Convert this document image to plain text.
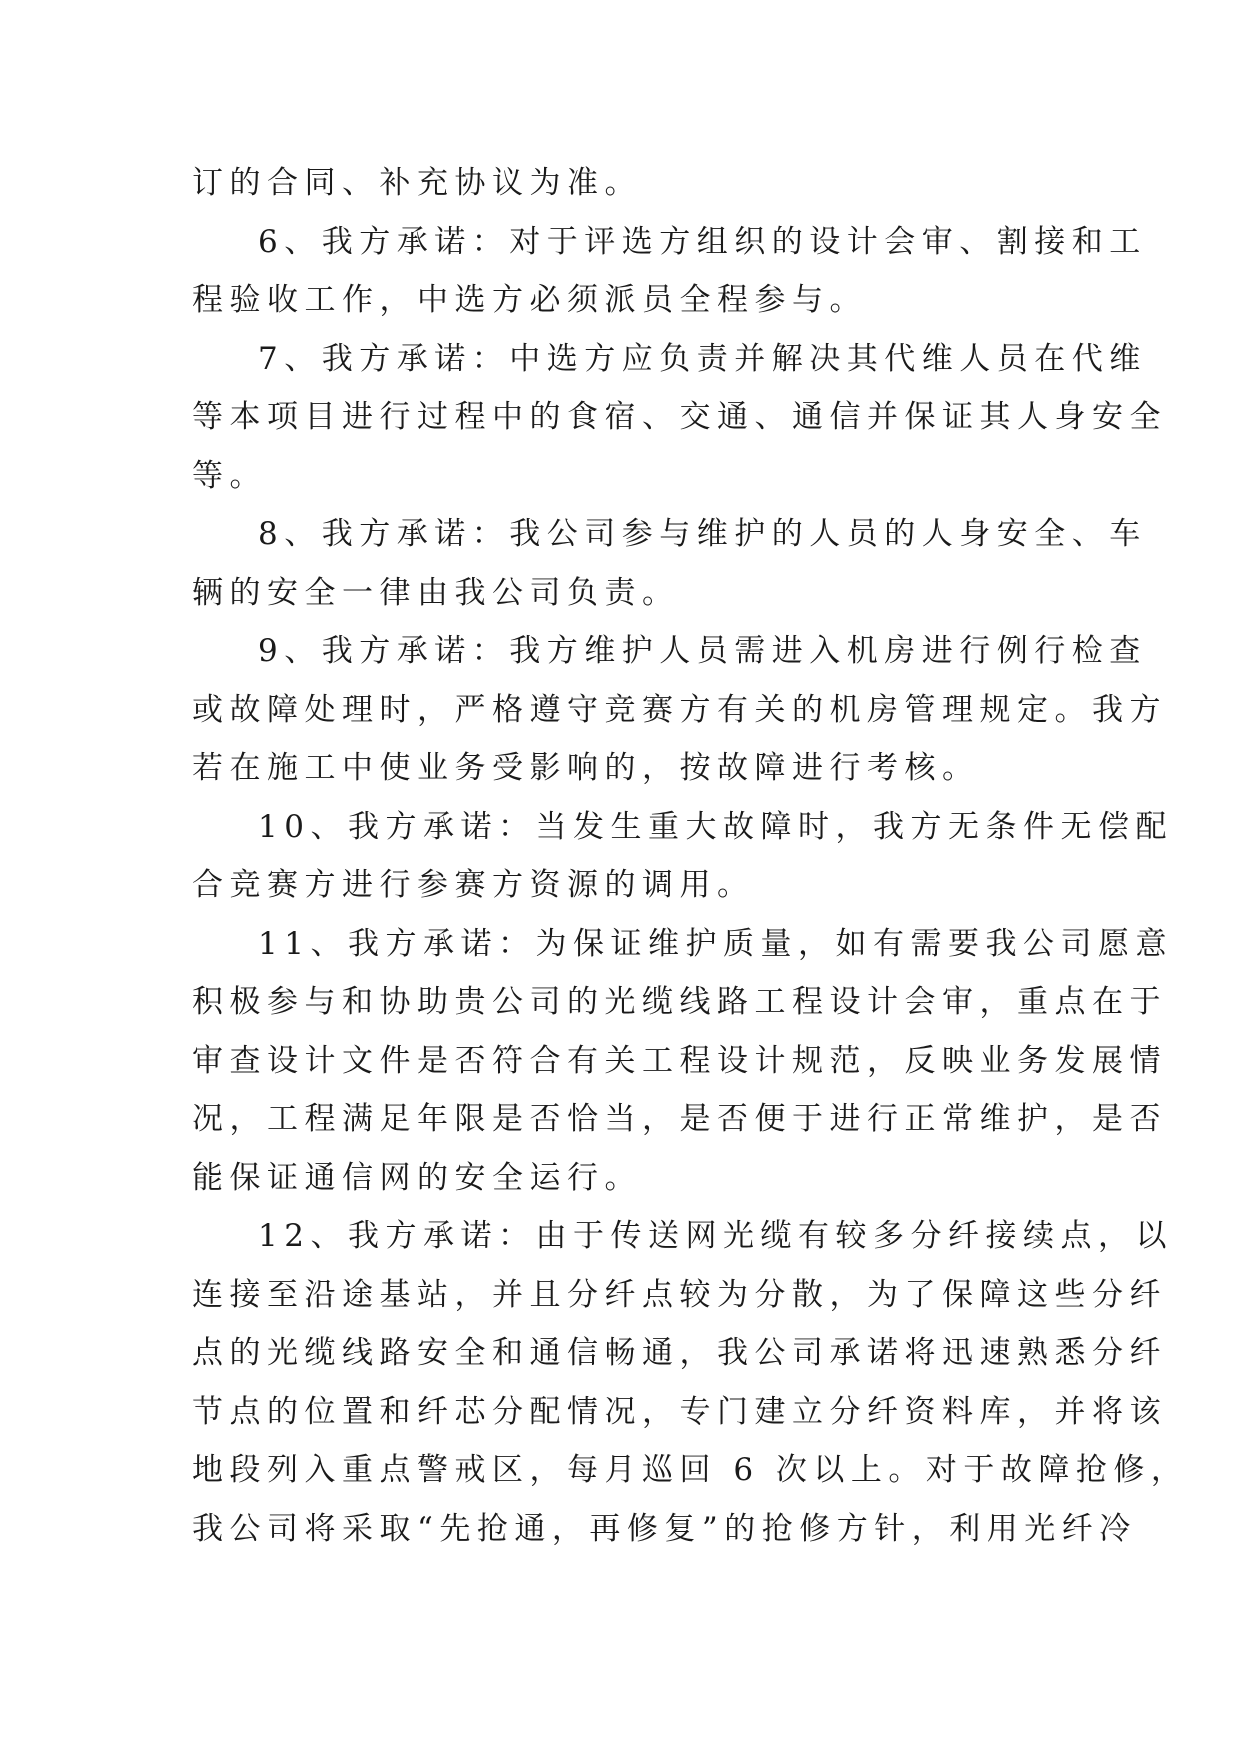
订的合同、补充协议为准。

6、我方承诺：对于评选方组织的设计会审、割接和工
程验收工作，中选方必须派员全程参与。

7、我方承诺：中选方应负责并解决其代维人员在代维
等本项目进行过程中的食宿、交通、通信并保证其人身安全
等。

8、我方承诺：我公司参与维护的人员的人身安全、车
辆的安全一律由我公司负责。

9、我方承诺：我方维护人员需进入机房进行例行检查
或故障处理时，严格遵守竞赛方有关的机房管理规定。我方
若在施工中使业务受影响的，按故障进行考核。

10、我方承诺：当发生重大故障时，我方无条件无偿配
合竞赛方进行参赛方资源的调用。

11、我方承诺：为保证维护质量，如有需要我公司愿意
积极参与和协助贵公司的光缆线路工程设计会审，重点在于
审查设计文件是否符合有关工程设计规范，反映业务发展情
况，工程满足年限是否恰当，是否便于进行正常维护，是否
能保证通信网的安全运行。

12、我方承诺：由于传送网光缆有较多分纤接续点，以
连接至沿途基站，并且分纤点较为分散，为了保障这些分纤
点的光缆线路安全和通信畅通，我公司承诺将迅速熟悉分纤
节点的位置和纤芯分配情况，专门建立分纤资料库，并将该
地段列入重点警戒区，每月巡回 6 次以上。对于故障抢修，
我公司将采取“先抢通，再修复”的抢修方针，利用光纤冷
